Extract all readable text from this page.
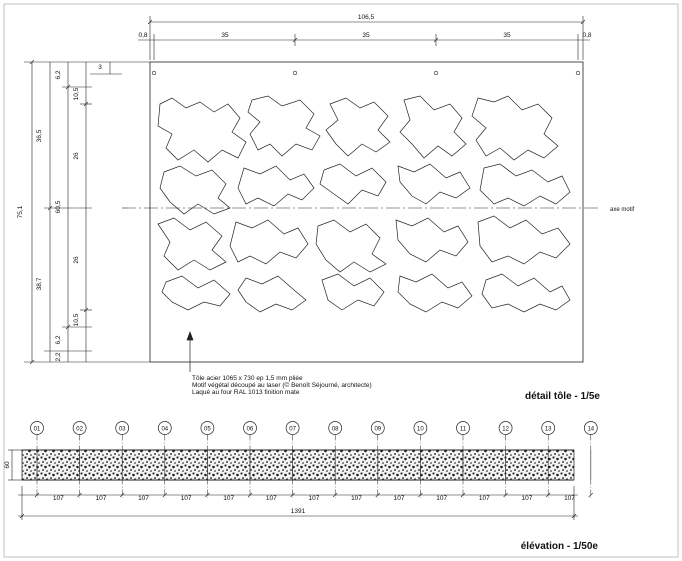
106,5
0,8	35	35	35	0,8
axe motif
75,1
36,5
38,7
60,5
6,2
10,5
3
26
26
10,5
6,2
2,2
Tôle acier 1065 x 730 ep 1,5 mm pliée
Motif végétal découpé au laser (© Benoît Séjourné, architecte)
Laqué au four RAL 1013 finition mate	détail tôle - 1/5e
01	02	03	04	05	06	07	08	09	10	11	12	13	14
107	107	107	107	107	107	107	107	107	107	107	107	107
60
1391
élévation - 1/50e
